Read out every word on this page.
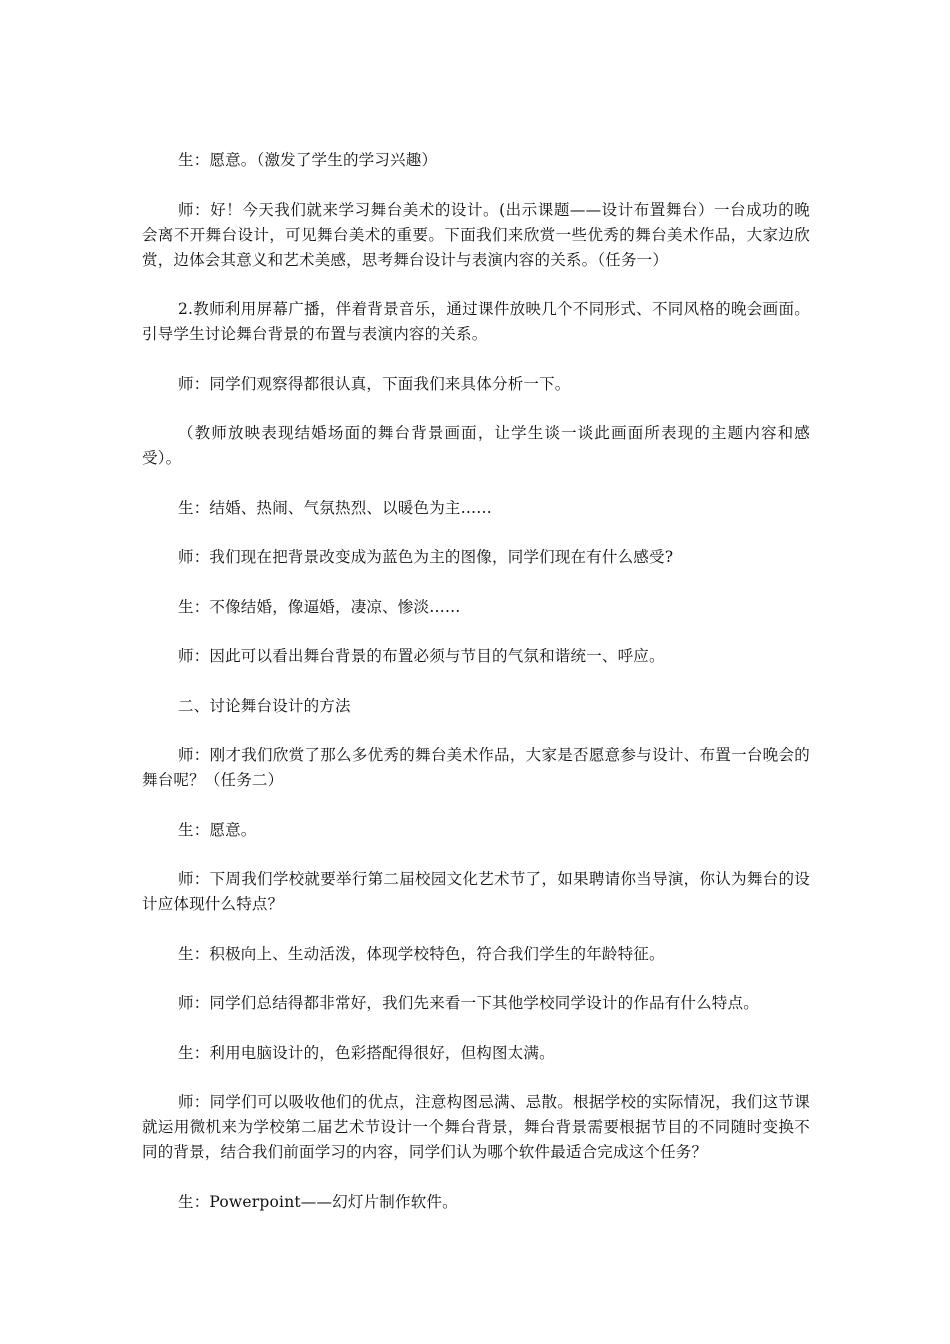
生：愿意。（激发了学生的学习兴趣）

师：好！今天我们就来学习舞台美术的设计。(出示课题——设计布置舞台）一台成功的晚会离不开舞台设计，可见舞台美术的重要。下面我们来欣赏一些优秀的舞台美术作品，大家边欣赏，边体会其意义和艺术美感，思考舞台设计与表演内容的关系。（任务一）

2.教师利用屏幕广播，伴着背景音乐，通过课件放映几个不同形式、不同风格的晚会画面。引导学生讨论舞台背景的布置与表演内容的关系。

师：同学们观察得都很认真，下面我们来具体分析一下。

（教师放映表现结婚场面的舞台背景画面，让学生谈一谈此画面所表现的主题内容和感受）。

生：结婚、热闹、气氛热烈、以暖色为主……

师：我们现在把背景改变成为蓝色为主的图像，同学们现在有什么感受?

生：不像结婚，像逼婚，凄凉、惨淡……

师：因此可以看出舞台背景的布置必须与节目的气氛和谐统一、呼应。

二、讨论舞台设计的方法

师：刚才我们欣赏了那么多优秀的舞台美术作品，大家是否愿意参与设计、布置一台晚会的舞台呢？（任务二）

生：愿意。

师：下周我们学校就要举行第二届校园文化艺术节了，如果聘请你当导演，你认为舞台的设计应体现什么特点？

生：积极向上、生动活泼，体现学校特色，符合我们学生的年龄特征。

师：同学们总结得都非常好，我们先来看一下其他学校同学设计的作品有什么特点。

生：利用电脑设计的，色彩搭配得很好，但构图太满。

师：同学们可以吸收他们的优点，注意构图忌满、忌散。根据学校的实际情况，我们这节课就运用微机来为学校第二届艺术节设计一个舞台背景，舞台背景需要根据节目的不同随时变换不同的背景，结合我们前面学习的内容，同学们认为哪个软件最适合完成这个任务？

生：Powerpoint——幻灯片制作软件。
